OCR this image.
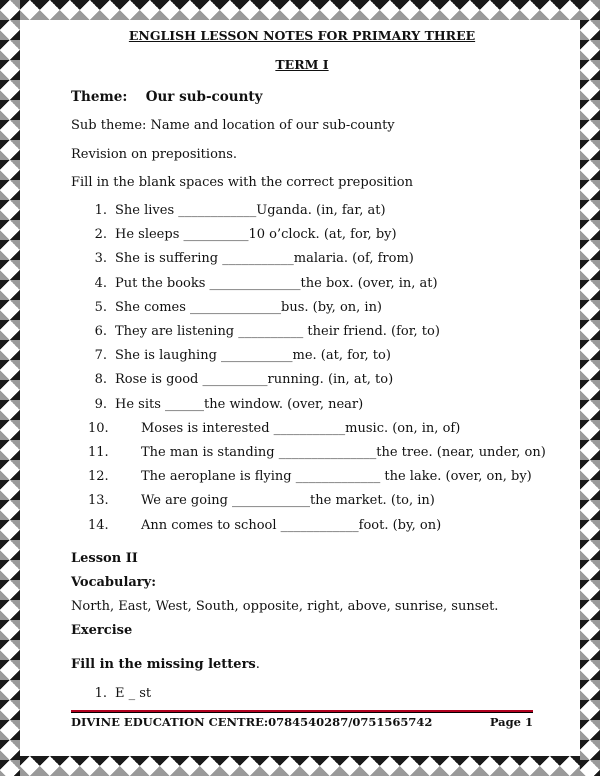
ENGLISH LESSON NOTES FOR PRIMARY THREE
TERM I
Theme: Our sub-county
Sub theme: Name and location of our sub-county
Revision on prepositions.
Fill in the blank spaces with the correct preposition
1. She lives ____________Uganda. (in, far, at)
2. He sleeps __________10 o’clock. (at, for, by)
3. She is suffering ___________malaria. (of, from)
4. Put the books ______________the box. (over, in, at)
5. She comes ______________bus. (by, on, in)
6. They are listening __________ their friend. (for, to)
7. She is laughing ___________me. (at, for, to)
8. Rose is good __________running. (in, at, to)
9. He sits ______the window. (over, near)
10.	Moses is interested ___________music. (on, in, of)
11.	The man is standing _______________the tree. (near, under, on)
12.	The aeroplane is flying _____________ the lake. (over, on, by)
13.	We are going ____________the market. (to, in)
14.	Ann comes to school ____________foot. (by, on)
Lesson II
Vocabulary:
North, East, West, South, opposite, right, above, sunrise, sunset.
Exercise
Fill in the missing letters.
1. E _ st
DIVINE EDUCATION CENTRE:0784540287/0751565742	Page 1
